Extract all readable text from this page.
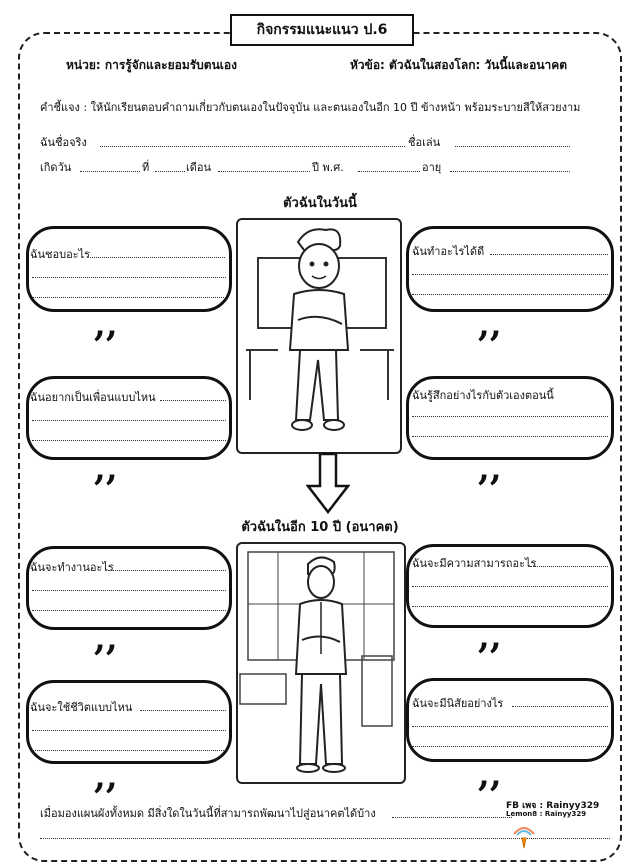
กิจกรรมแนะแนว ป.6
หน่วย: การรู้จักและยอมรับตนเอง	หัวข้อ: ตัวฉันในสองโลก: วันนี้และอนาคต
คำชี้แจง : ให้นักเรียนตอบคำถามเกี่ยวกับตนเองในปัจจุบัน และตนเองในอีก 10 ปี ข้างหน้า พร้อมระบายสีให้สวยงาม
ฉันชื่อจริง	ชื่อเล่น
เกิดวัน	ที่	เดือน	ปี พ.ศ.	อายุ
ตัวฉันในวันนี้
ฉันชอบอะไร
,,
ฉันทำอะไรได้ดี
,,
ฉันอยากเป็นเพื่อนแบบไหน
,,
ฉันรู้สึกอย่างไรกับตัวเองตอนนี้
,,
ตัวฉันในอีก 10 ปี (อนาคต)
ฉันจะทำงานอะไร
,,
ฉันจะมีความสามารถอะไร
,,
ฉันจะใช้ชีวิตแบบไหน
,,
ฉันจะมีนิสัยอย่างไร
,,
เมื่อมองแผนผังทั้งหมด มีสิ่งใดในวันนี้ที่สามารถพัฒนาไปสู่อนาคตได้บ้าง
FB เพจ : Rainyy329
Lemon8 : Rainyy329
